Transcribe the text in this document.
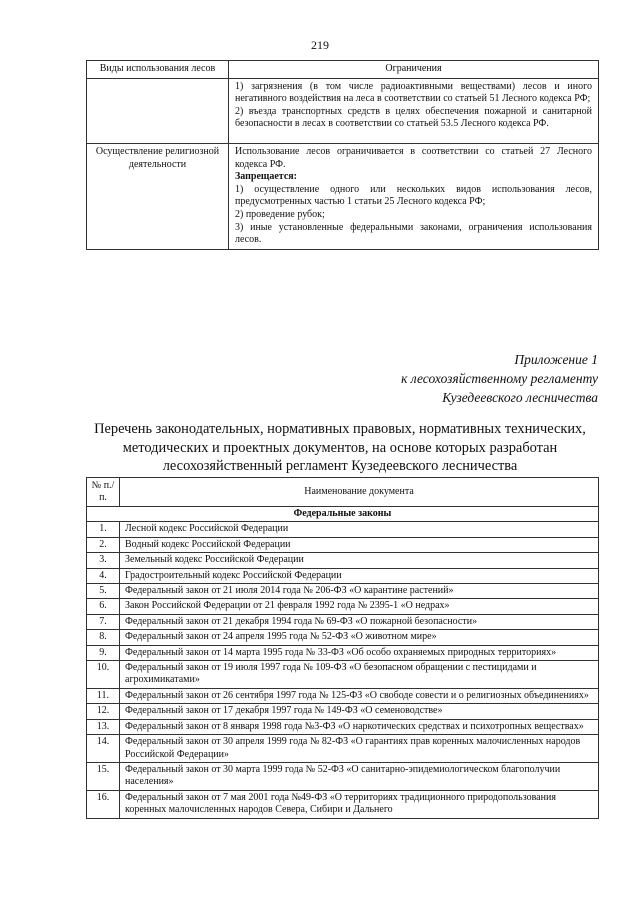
219
Виды использования лесов	Ограничения

	1) загрязнения (в том числе радиоактивными веществами) лесов и иного негативного воздействия на леса в соответствии со статьей 51 Лесного кодекса РФ;

2) въезда транспортных средств в целях обеспечения пожарной и санитарной безопасности в лесах в соответствии со статьей 53.5 Лесного кодекса РФ.

Осуществление религиозной деятельности	Использование лесов ограничивается в соответствии со статьей 27 Лесного кодекса РФ.

Запрещается:

1) осуществление одного или нескольких видов использования лесов, предусмотренных частью 1 статьи 25 Лесного кодекса РФ;

2) проведение рубок;

3) иные установленные федеральными законами, ограничения использования лесов.

Приложение 1
к лесохозяйственному регламенту
Кузедеевского лесничества
Перечень законодательных, нормативных правовых, нормативных технических, методических и проектных документов, на основе которых разработан лесохозяйственный регламент Кузедеевского лесничества
№ п./п.	Наименование документа
Федеральные законы	
1.	Лесной кодекс Российской Федерации
2.	Водный кодекс Российской Федерации
3.	Земельный кодекс Российской Федерации
4.	Градостроительный кодекс Российской Федерации
5.	Федеральный закон от 21 июля 2014 года № 206-ФЗ «О карантине растений»
6.	Закон Российской Федерации от 21 февраля 1992 года № 2395-1 «О недрах»
7.	Федеральный закон от 21 декабря 1994 года № 69-ФЗ «О пожарной безопасности»
8.	Федеральный закон от 24 апреля 1995 года № 52-ФЗ «О животном мире»
9.	Федеральный закон от 14 марта 1995 года № 33-ФЗ «Об особо охраняемых природных территориях»
10.	Федеральный закон от 19 июля 1997 года № 109-ФЗ «О безопасном обращении с пестицидами и агрохимикатами»
11.	Федеральный закон от 26 сентября 1997 года № 125-ФЗ «О свободе совести и о религиозных объединениях»
12.	Федеральный закон от 17 декабря 1997 года № 149-ФЗ «О семеноводстве»
13.	Федеральный закон от 8 января 1998 года №3-ФЗ «О наркотических средствах и психотропных веществах»
14.	Федеральный закон от 30 апреля 1999 года № 82-ФЗ «О гарантиях прав коренных малочисленных народов Российской Федерации»
15.	Федеральный закон от 30 марта 1999 года № 52-ФЗ «О санитарно-эпидемиологическом благополучии населения»
16.	Федеральный закон от 7 мая 2001 года №49-ФЗ «О территориях традиционного природопользования коренных малочисленных народов Севера, Сибири и Дальнего
